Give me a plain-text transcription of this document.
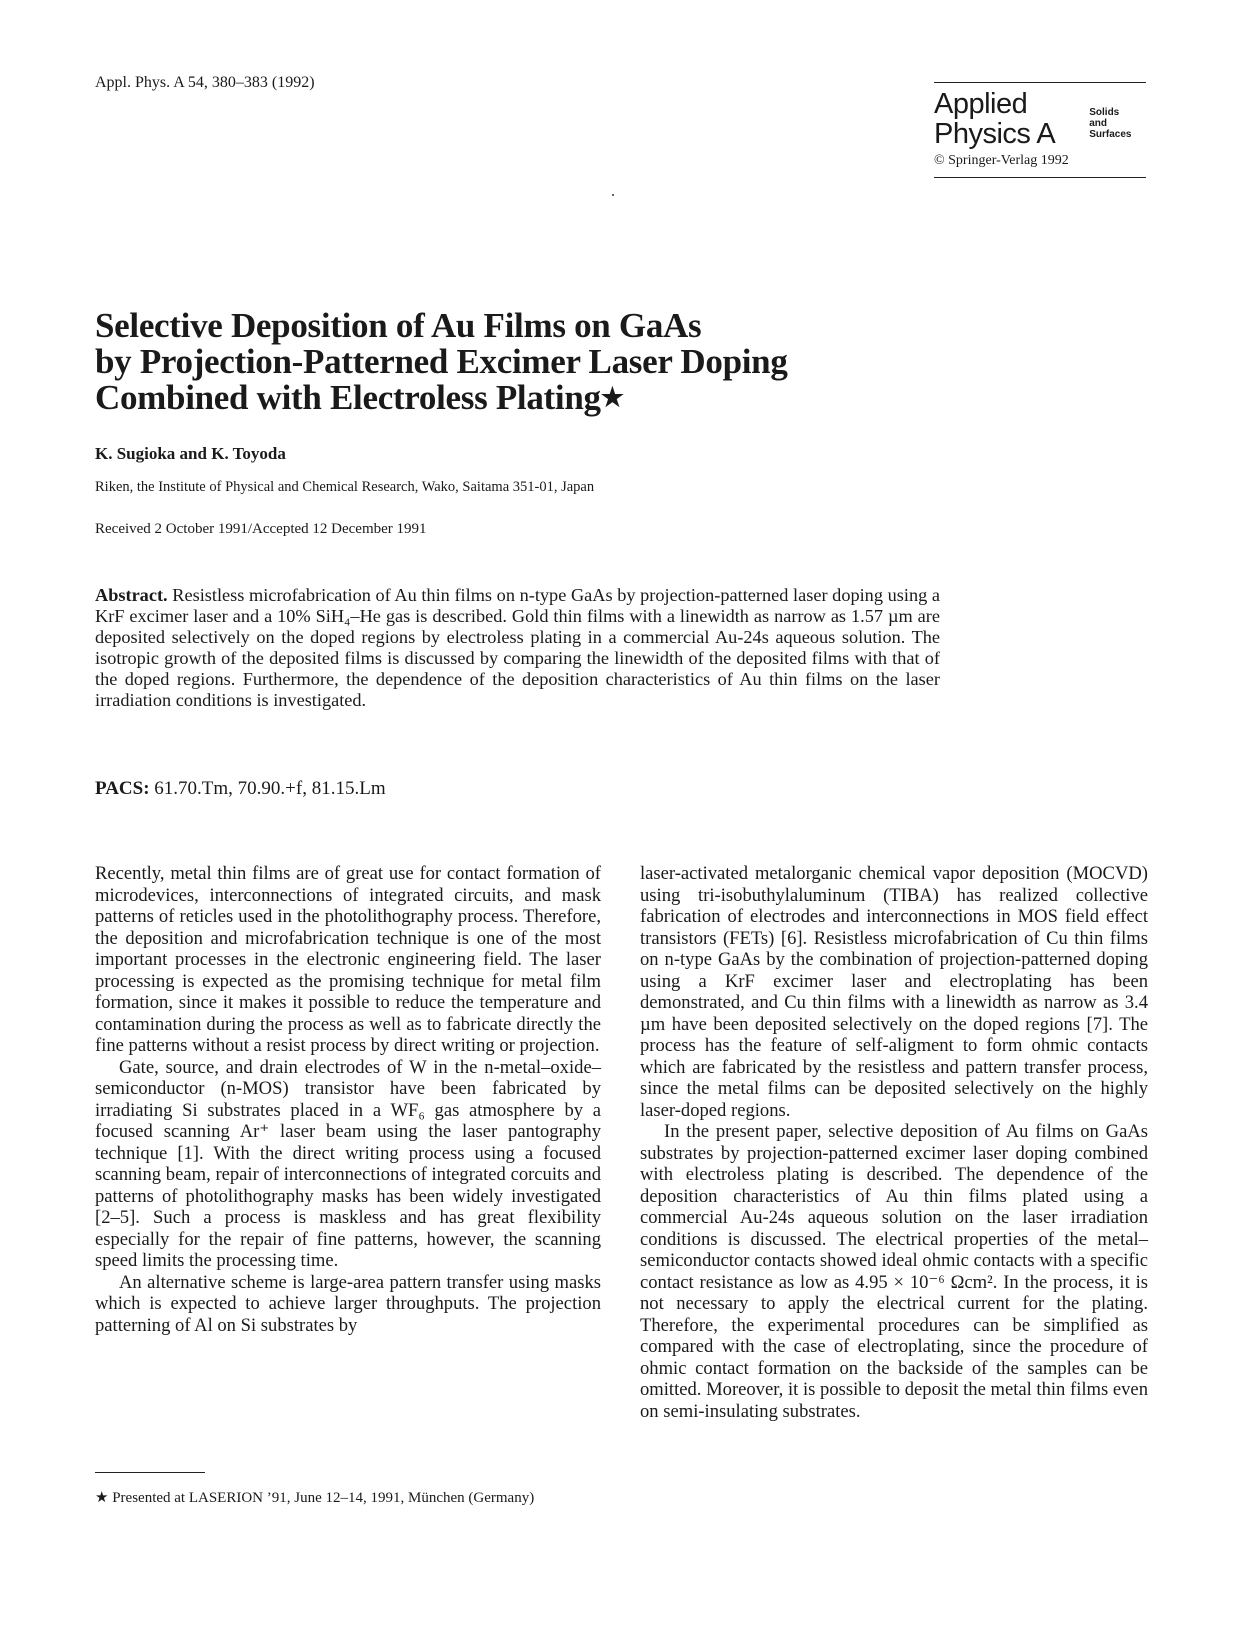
Appl. Phys. A 54, 380–383 (1992)
Applied
Physics A
Solids
and
Surfaces
© Springer-Verlag 1992
Selective Deposition of Au Films on GaAs
by Projection-Patterned Excimer Laser Doping
Combined with Electroless Plating★
K. Sugioka and K. Toyoda
Riken, the Institute of Physical and Chemical Research, Wako, Saitama 351-01, Japan
Received 2 October 1991/Accepted 12 December 1991
Abstract. Resistless microfabrication of Au thin films on n-type GaAs by projection-patterned laser doping using a KrF excimer laser and a 10% SiH₄–He gas is described. Gold thin films with a linewidth as narrow as 1.57 µm are deposited selectively on the doped regions by electroless plating in a commercial Au-24s aqueous solution. The isotropic growth of the deposited films is discussed by comparing the linewidth of the deposited films with that of the doped regions. Furthermore, the dependence of the deposition characteristics of Au thin films on the laser irradiation conditions is investigated.
PACS: 61.70.Tm, 70.90.+f, 81.15.Lm

Recently, metal thin films are of great use for contact formation of microdevices, interconnections of integrated circuits, and mask patterns of reticles used in the photolithography process. Therefore, the deposition and microfabrication technique is one of the most important processes in the electronic engineering field. The laser processing is expected as the promising technique for metal film formation, since it makes it possible to reduce the temperature and contamination during the process as well as to fabricate directly the fine patterns without a resist process by direct writing or projection.

Gate, source, and drain electrodes of W in the n-metal–oxide–semiconductor (n-MOS) transistor have been fabricated by irradiating Si substrates placed in a WF₆ gas atmosphere by a focused scanning Ar⁺ laser beam using the laser pantography technique [1]. With the direct writing process using a focused scanning beam, repair of interconnections of integrated corcuits and patterns of photolithography masks has been widely investigated [2–5]. Such a process is maskless and has great flexibility especially for the repair of fine patterns, however, the scanning speed limits the processing time.

An alternative scheme is large-area pattern transfer using masks which is expected to achieve larger throughputs. The projection patterning of Al on Si substrates by

laser-activated metalorganic chemical vapor deposition (MOCVD) using tri-isobuthylaluminum (TIBA) has realized collective fabrication of electrodes and interconnections in MOS field effect transistors (FETs) [6]. Resistless microfabrication of Cu thin films on n-type GaAs by the combination of projection-patterned doping using a KrF excimer laser and electroplating has been demonstrated, and Cu thin films with a linewidth as narrow as 3.4 µm have been deposited selectively on the doped regions [7]. The process has the feature of self-aligment to form ohmic contacts which are fabricated by the resistless and pattern transfer process, since the metal films can be deposited selectively on the highly laser-doped regions.

In the present paper, selective deposition of Au films on GaAs substrates by projection-patterned excimer laser doping combined with electroless plating is described. The dependence of the deposition characteristics of Au thin films plated using a commercial Au-24s aqueous solution on the laser irradiation conditions is discussed. The electrical properties of the metal–semiconductor contacts showed ideal ohmic contacts with a specific contact resistance as low as 4.95 × 10⁻⁶ Ωcm². In the process, it is not necessary to apply the electrical current for the plating. Therefore, the experimental procedures can be simplified as compared with the case of electroplating, since the procedure of ohmic contact formation on the backside of the samples can be omitted. Moreover, it is possible to deposit the metal thin films even on semi-insulating substrates.

★ Presented at LASERION ’91, June 12–14, 1991, München (Germany)
